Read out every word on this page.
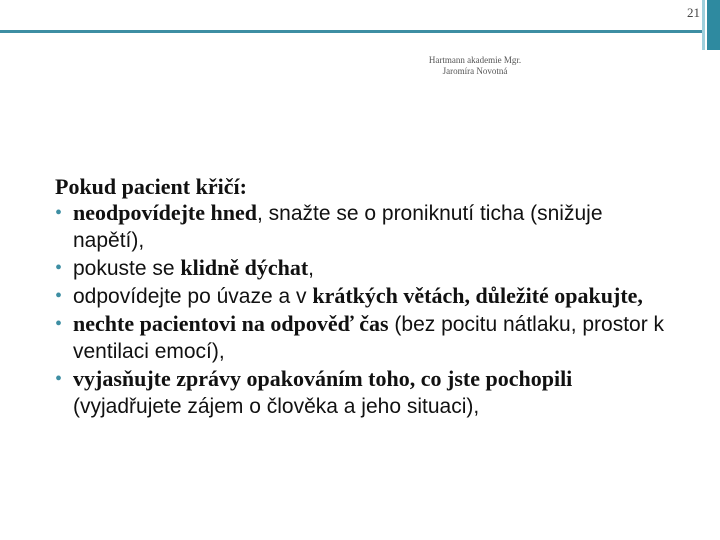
21
Hartmann akademie Mgr.
Jaromíra Novotná

Pokud pacient křičí:

• neodpovídejte hned, snažte se o proniknutí ticha (snižuje napětí),
• pokuste se klidně dýchat,
• odpovídejte po úvaze a v krátkých větách, důležité opakujte,
• nechte pacientovi na odpověď čas (bez pocitu nátlaku, prostor k ventilaci emocí),
• vyjasňujte zprávy opakováním toho, co jste pochopili (vyjadřujete zájem o člověka a jeho situaci),
